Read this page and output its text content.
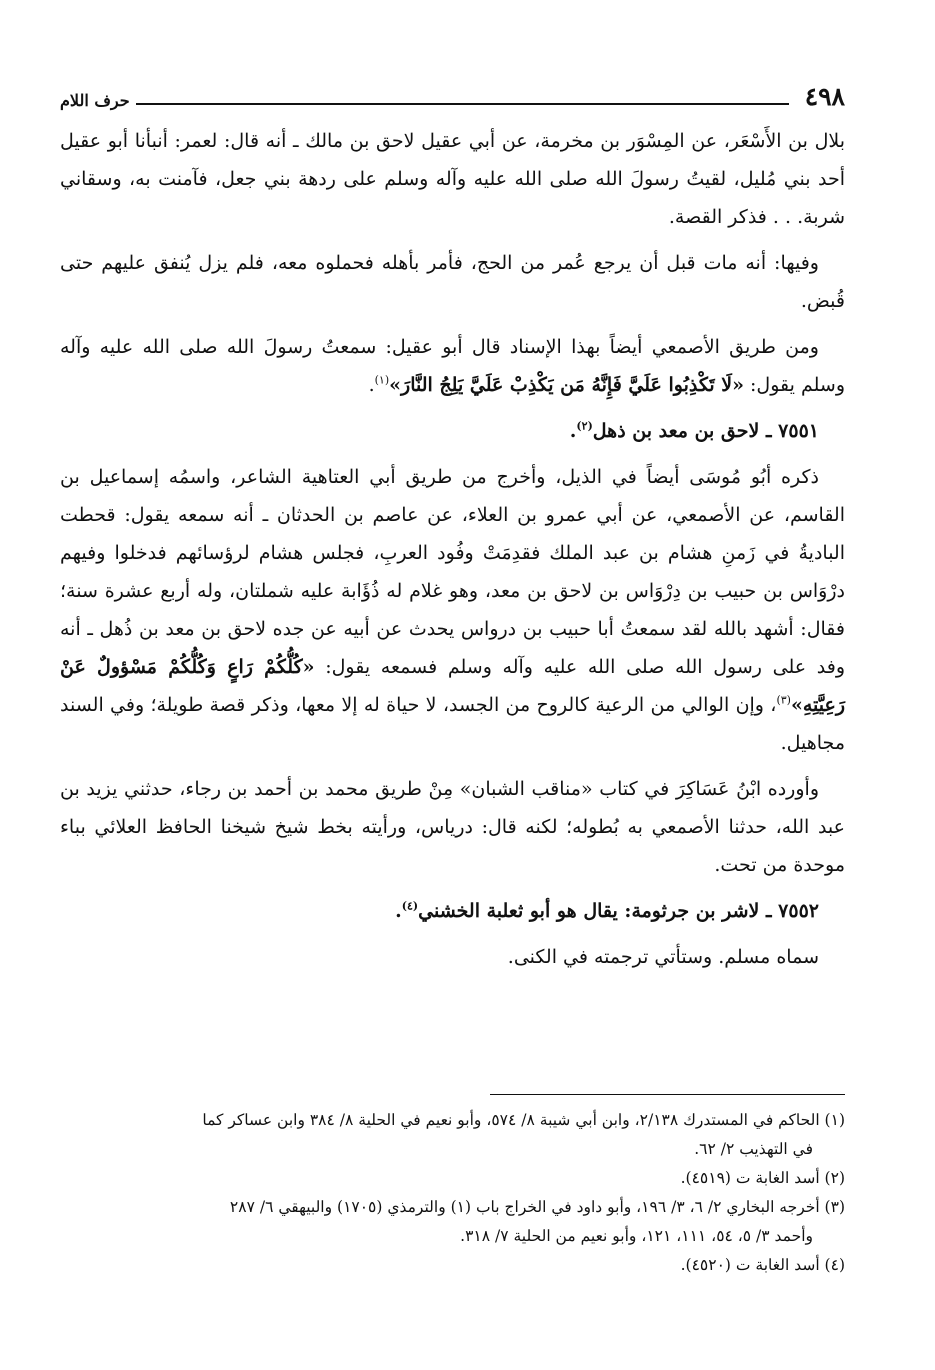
٤٩٨
حرف اللام

بلال بن الأَسْعَر، عن المِسْوَر بن مخرمة، عن أبي عقيل لاحق بن مالك ـ أنه قال: لعمر: أنبأنا أبو عقيل أحد بني مُليل، لقيتُ رسولَ الله صلى الله عليه وآله وسلم على ردهة بني جعل، فآمنت به، وسقاني شربة. . . فذكر القصة.

وفيها: أنه مات قبل أن يرجع عُمر من الحج، فأمر بأهله فحملوه معه، فلم يزل يُنفق عليهم حتى قُبض.

ومن طريق الأصمعي أيضاً بهذا الإسناد قال أبو عقيل: سمعتُ رسولَ الله صلى الله عليه وآله وسلم يقول: «لَا تَكْذِبُوا عَلَيَّ فَإِنَّهُ مَن يَكْذِبْ عَلَيَّ يَلِجُ النَّارَ»$^{(١)}$.

٧٥٥١ ـ لاحق بن معد بن ذهل$^{(٢)}$.

ذكره أبُو مُوسَى أيضاً في الذيل، وأخرج من طريق أبي العتاهية الشاعر، واسمُه إسماعيل بن القاسم، عن الأصمعي، عن أبي عمرو بن العلاء، عن عاصم بن الحدثان ـ أنه سمعه يقول: قحطت الباديةُ في زَمنِ هشام بن عبد الملك فقدِمَتْ وفُود العربِ، فجلس هشام لرؤسائهم فدخلوا وفيهم درْوَاس بن حبيب بن دِرْوَاس بن لاحق بن معد، وهو غلام له ذُؤَابة عليه شملتان، وله أربع عشرة سنة؛ فقال: أشهد بالله لقد سمعتُ أبا حبيب بن درواس يحدث عن أبيه عن جده لاحق بن معد بن ذُهل ـ أنه وفد على رسول الله صلى الله عليه وآله وسلم فسمعه يقول: «كُلُّكُمْ رَاعٍ وَكُلُّكُمْ مَسْؤولٌ عَنْ رَعِيَّتِهِ»$^{(٣)}$، وإن الوالي من الرعية كالروح من الجسد، لا حياة له إلا معها، وذكر قصة طويلة؛ وفي السند مجاهيل.

وأورده ابْنُ عَسَاكِرَ في كتاب «مناقب الشبان» مِنْ طريق محمد بن أحمد بن رجاء، حدثني يزيد بن عبد الله، حدثنا الأصمعي به بُطوله؛ لكنه قال: درياس، ورأيته بخط شيخ شيخنا الحافظ العلائي بباء موحدة من تحت.

٧٥٥٢ ـ لاشر بن جرثومة: يقال هو أبو ثعلبة الخشني$^{(٤)}$.

سماه مسلم. وستأتي ترجمته في الكنى.

(١) الحاكم في المستدرك ٢/١٣٨، وابن أبي شيبة ٨/ ٥٧٤، وأبو نعيم في الحلية ٨/ ٣٨٤ وابن عساكر كما
في التهذيب ٢/ ٦٢.

(٢) أسد الغابة ت (٤٥١٩).

(٣) أخرجه البخاري ٢/ ٦، ٣/ ١٩٦، وأبو داود في الخراج باب (١) والترمذي (١٧٠٥) والبيهقي ٦/ ٢٨٧
وأحمد ٣/ ٥، ٥٤، ١١١، ١٢١، وأبو نعيم من الحلية ٧/ ٣١٨.

(٤) أسد الغابة ت (٤٥٢٠).
